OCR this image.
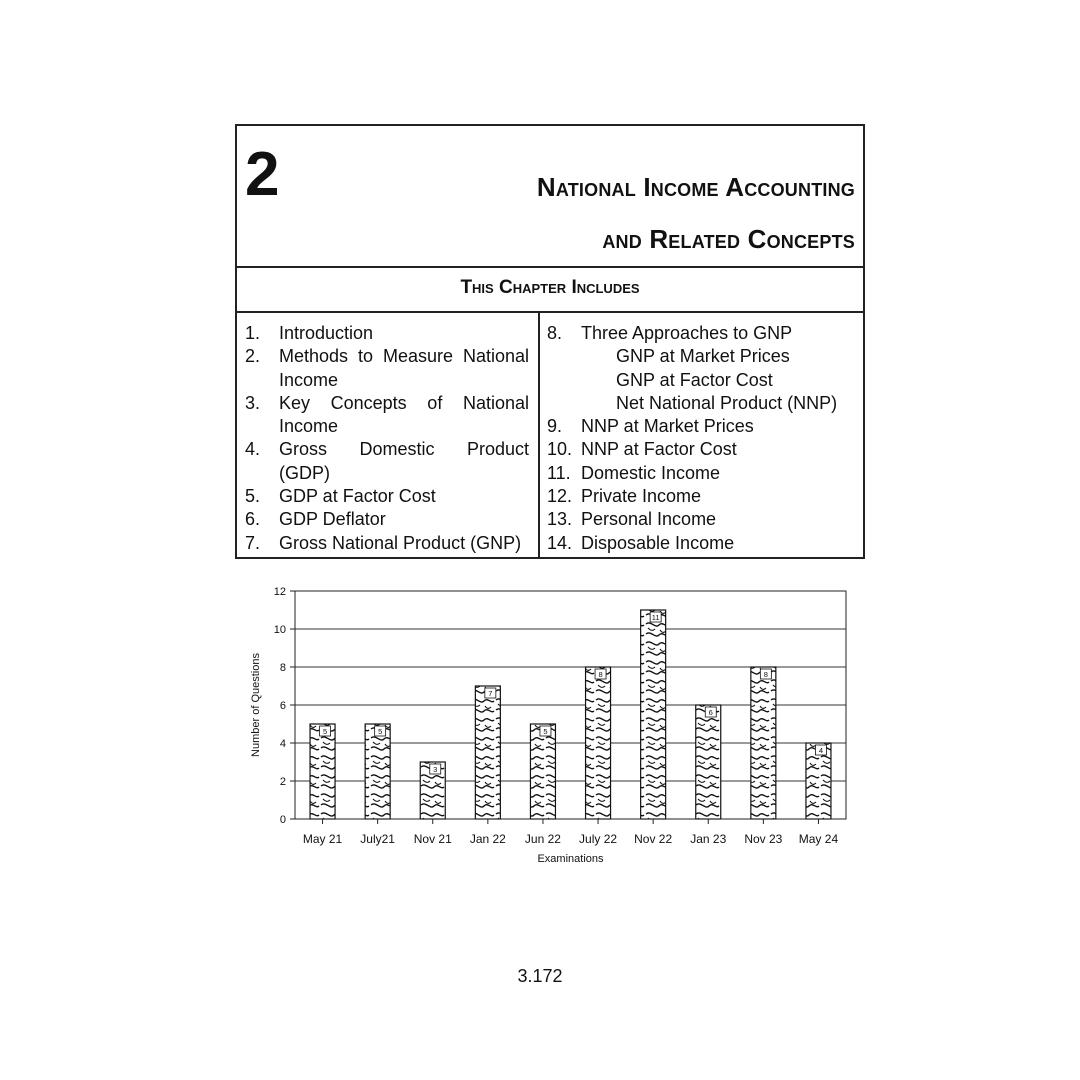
2	National Income Accounting
and Related Concepts
This Chapter Includes
1.	Introduction
2.	Methods to Measure National Income
3.	Key Concepts of National Income
4.	Gross Domestic Product (GDP)
5.	GDP at Factor Cost
6.	GDP Deflator
7.	Gross National Product (GNP)
8.	Three Approaches to GNP
GNP at Market Prices
GNP at Factor Cost
Net National Product (NNP)
9.	NNP at Market Prices
10. NNP at Factor Cost
11. Domestic Income
12. Private Income
13. Personal Income
14. Disposable Income
0
2
4
6
8
10
12
5
May 21
5
July21
3
Nov 21
7
Jan 22
5
Jun 22
8
July 22
11
Nov 22
6
Jan 23
8
Nov 23
4
May 24
Examinations
Number of Questions
3.172
